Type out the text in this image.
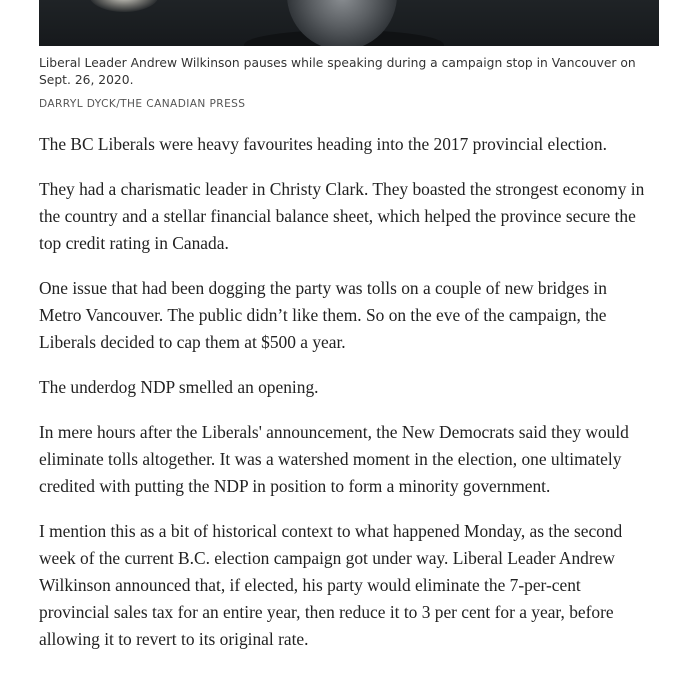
Liberal Leader Andrew Wilkinson pauses while speaking during a campaign stop in Vancouver on Sept. 26, 2020.

DARRYL DYCK/THE CANADIAN PRESS

The BC Liberals were heavy favourites heading into the 2017 provincial election.

They had a charismatic leader in Christy Clark. They boasted the strongest economy in the country and a stellar financial balance sheet, which helped the province secure the top credit rating in Canada.

One issue that had been dogging the party was tolls on a couple of new bridges in Metro Vancouver. The public didn’t like them. So on the eve of the campaign, the Liberals decided to cap them at $500 a year.

The underdog NDP smelled an opening.

In mere hours after the Liberals' announcement, the New Democrats said they would eliminate tolls altogether. It was a watershed moment in the election, one ultimately credited with putting the NDP in position to form a minority government.

I mention this as a bit of historical context to what happened Monday, as the second week of the current B.C. election campaign got under way. Liberal Leader Andrew Wilkinson announced that, if elected, his party would eliminate the 7-per-cent provincial sales tax for an entire year, then reduce it to 3 per cent for a year, before allowing it to revert to its original rate.
